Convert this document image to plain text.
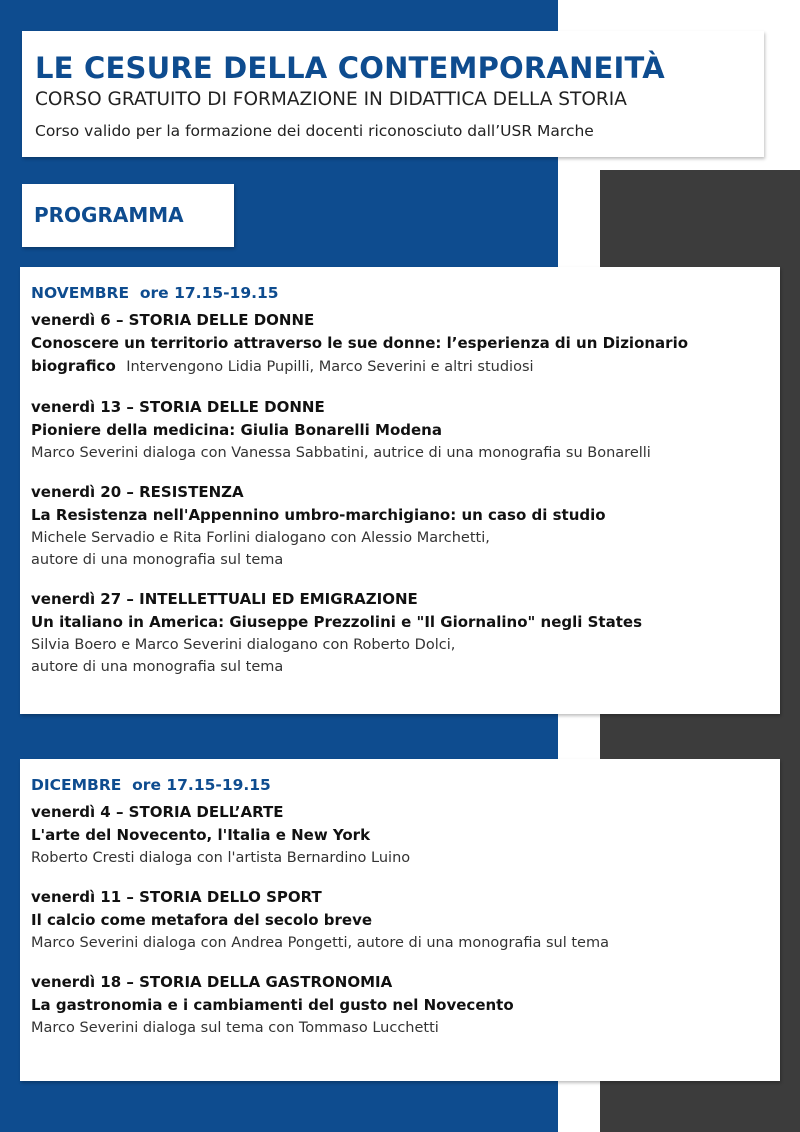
LE CESURE DELLA CONTEMPORANEITÀ
CORSO GRATUITO DI FORMAZIONE IN DIDATTICA DELLA STORIA
Corso valido per la formazione dei docenti riconosciuto dall’USR Marche
PROGRAMMA
NOVEMBRE ore 17.15-19.15
venerdì 6 – STORIA DELLE DONNE
Conoscere un territorio attraverso le sue donne: l’esperienza di un Dizionario biografico Intervengono Lidia Pupilli, Marco Severini e altri studiosi
venerdì 13 – STORIA DELLE DONNE
Pioniere della medicina: Giulia Bonarelli Modena
Marco Severini dialoga con Vanessa Sabbatini, autrice di una monografia su Bonarelli
venerdì 20 – RESISTENZA
La Resistenza nell'Appennino umbro-marchigiano: un caso di studio
Michele Servadio e Rita Forlini dialogano con Alessio Marchetti,
autore di una monografia sul tema
venerdì 27 – INTELLETTUALI ED EMIGRAZIONE
Un italiano in America: Giuseppe Prezzolini e "Il Giornalino" negli States
Silvia Boero e Marco Severini dialogano con Roberto Dolci,
autore di una monografia sul tema
DICEMBRE ore 17.15-19.15
venerdì 4 – STORIA DELL’ARTE
L'arte del Novecento, l'Italia e New York
Roberto Cresti dialoga con l'artista Bernardino Luino
venerdì 11 – STORIA DELLO SPORT
Il calcio come metafora del secolo breve
Marco Severini dialoga con Andrea Pongetti, autore di una monografia sul tema
venerdì 18 – STORIA DELLA GASTRONOMIA
La gastronomia e i cambiamenti del gusto nel Novecento
Marco Severini dialoga sul tema con Tommaso Lucchetti
